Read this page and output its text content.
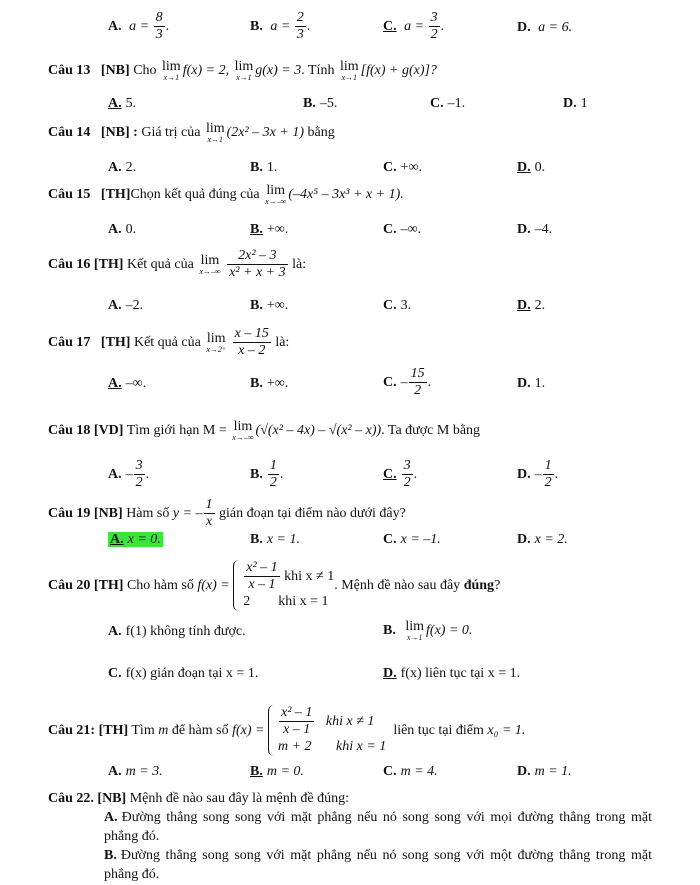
A. $a = \frac{8}{3}$ .	B. $a = \frac{2}{3}$ .	C. $a = \frac{3}{2}$ .	D. a = 6.
Câu 13 [NB] Cho lim
x→1 f(x) = 2, lim
x→1 g(x) = 3. Tính lim
x→1 [f(x) + g(x)]?
A. 5.	B. –5.	C. –1.	D. 1
Câu 14 [NB] : Giá trị của lim
x→1 (2x² – 3x + 1) bằng
A. 2.	B. 1.	C. +∞.	D. 0.
Câu 15 [TH]Chọn kết quả đúng của lim
x→–∞ (–4x⁵ – 3x³ + x + 1).
A. 0.	B. +∞.	C. –∞.	D. –4.
Câu 16 [TH] Kết quả của lim
x→–∞
$\frac{\text{2x² – 3}}{\text{x² + x + 3}}$ là:
A. –2.	B. +∞.	C. 3.	D. 2.
Câu 17 [TH] Kết quả của lim
x→2⁺
$\frac{x - 15}{x - 2}$ là:
A. –∞.	B. +∞.	C. – $\frac{15}{2}$ .	D. 1.
Câu 18 [VD] Tìm giới hạn M = lim
x→–∞ (√(x² – 4x) – √(x² – x)). Ta được M bằng
A. – $\frac{3}{2}$ .	B. $\frac{1}{2}$ .	C. $\frac{3}{2}$ .	D. – $\frac{1}{2}$ .
Câu 19 [NB] Hàm số y = – $\frac{1}{x}$ gián đoạn tại điểm nào dưới đây?
A. x = 0.	B. x = 1.	C. x = –1.	D. x = 2.
Câu 20 [TH] Cho hàm số $f(x) = \frac{\text{x² – 1}}{x - 1}$ khi x ≠ 1
2 khi x = 1
. Mệnh đề nào sau đây đúng?
A. f(1) không tính được.	B. lim
x→1 f(x) = 0.
C. f(x) gián đoạn tại x = 1.	D. f(x) liên tục tại x = 1.
Câu 21: [TH] Tìm m để hàm số $f(x) = \frac{\text{x² – 1}}{x - 1}$ khi x ≠ 1
m + 2 khi x = 1
liên tục tại điểm x₀ = 1.
A. m = 3.	B. m = 0.	C. m = 4.	D. m = 1.
Câu 22. [NB] Mệnh đề nào sau đây là mệnh đề đúng:
A. Đường thẳng song song với mặt phẳng nếu nó song song với mọi đường thẳng trong mặt phẳng đó.
B. Đường thẳng song song với mặt phẳng nếu nó song song với một đường thẳng trong mặt phẳng đó.
